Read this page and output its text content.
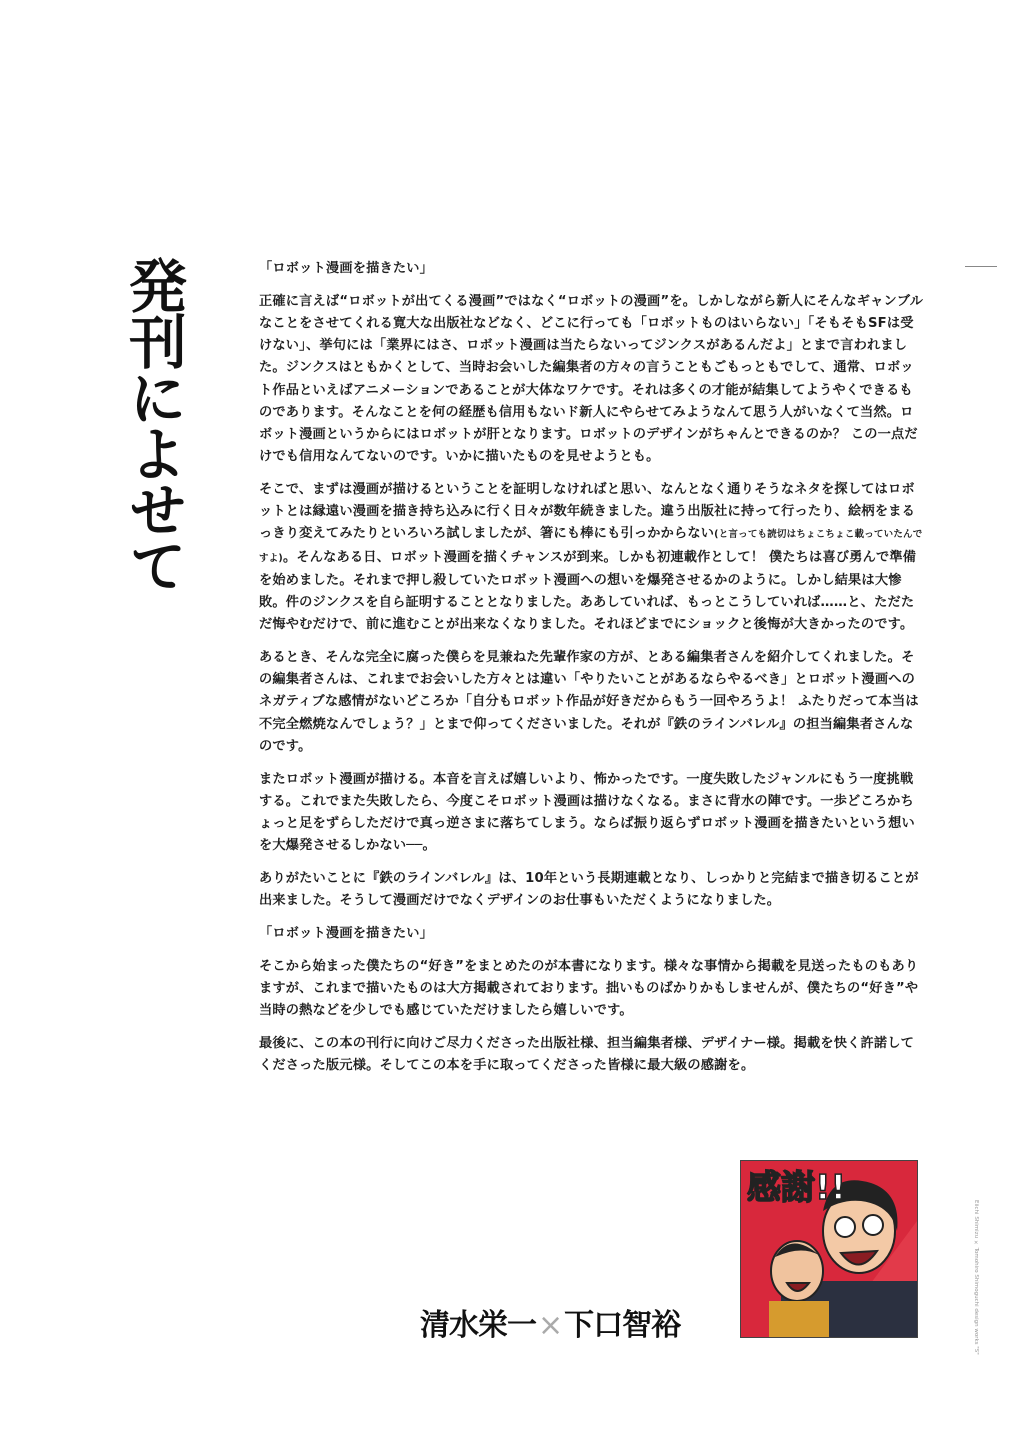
発刊によせて	「ロボット漫画を描きたい」

正確に言えば“ロボットが出てくる漫画”ではなく“ロボットの漫画”を。しかしながら新人にそんなギャンブルなことをさせてくれる寛大な出版社などなく、どこに行っても「ロボットものはいらない」「そもそもSFは受けない」、挙句には「業界にはさ、ロボット漫画は当たらないってジンクスがあるんだよ」とまで言われました。ジンクスはともかくとして、当時お会いした編集者の方々の言うこともごもっともでして、通常、ロボット作品といえばアニメーションであることが大体なワケです。それは多くの才能が結集してようやくできるものであります。そんなことを何の経歴も信用もないド新人にやらせてみようなんて思う人がいなくて当然。ロボット漫画というからにはロボットが肝となります。ロボットのデザインがちゃんとできるのか？ この一点だけでも信用なんてないのです。いかに描いたものを見せようとも。

そこで、まずは漫画が描けるということを証明しなければと思い、なんとなく通りそうなネタを探してはロボットとは縁遠い漫画を描き持ち込みに行く日々が数年続きました。違う出版社に持って行ったり、絵柄をまるっきり変えてみたりといろいろ試しましたが、箸にも棒にも引っかからない(と言っても読切はちょこちょこ載っていたんですよ)。そんなある日、ロボット漫画を描くチャンスが到来。しかも初連載作として！ 僕たちは喜び勇んで準備を始めました。それまで押し殺していたロボット漫画への想いを爆発させるかのように。しかし結果は大惨敗。件のジンクスを自ら証明することとなりました。ああしていれば、もっとこうしていれば……と、ただただ悔やむだけで、前に進むことが出来なくなりました。それほどまでにショックと後悔が大きかったのです。

あるとき、そんな完全に腐った僕らを見兼ねた先輩作家の方が、とある編集者さんを紹介してくれました。その編集者さんは、これまでお会いした方々とは違い「やりたいことがあるならやるべき」とロボット漫画へのネガティブな感情がないどころか「自分もロボット作品が好きだからもう一回やろうよ！ ふたりだって本当は不完全燃焼なんでしょう？」とまで仰ってくださいました。それが『鉄のラインバレル』の担当編集者さんなのです。

またロボット漫画が描ける。本音を言えば嬉しいより、怖かったです。一度失敗したジャンルにもう一度挑戦する。これでまた失敗したら、今度こそロボット漫画は描けなくなる。まさに背水の陣です。一歩どころかちょっと足をずらしただけで真っ逆さまに落ちてしまう。ならば振り返らずロボット漫画を描きたいという想いを大爆発させるしかない──。

ありがたいことに『鉄のラインバレル』は、10年という長期連載となり、しっかりと完結まで描き切ることが出来ました。そうして漫画だけでなくデザインのお仕事もいただくようになりました。

「ロボット漫画を描きたい」

そこから始まった僕たちの“好き”をまとめたのが本書になります。様々な事情から掲載を見送ったものもありますが、これまで描いたものは大方掲載されております。拙いものばかりかもしませんが、僕たちの“好き”や当時の熱などを少しでも感じていただけましたら嬉しいです。

最後に、この本の刊行に向けご尽力くださった出版社様、担当編集者様、デザイナー様。掲載を快く許諾してくださった版元様。そしてこの本を手に取ってくださった皆様に最大級の感謝を。

清水栄一×下口智裕
感謝!!
Eiichi Shimizu × Tomohiro Shimoguchi design works "S"
